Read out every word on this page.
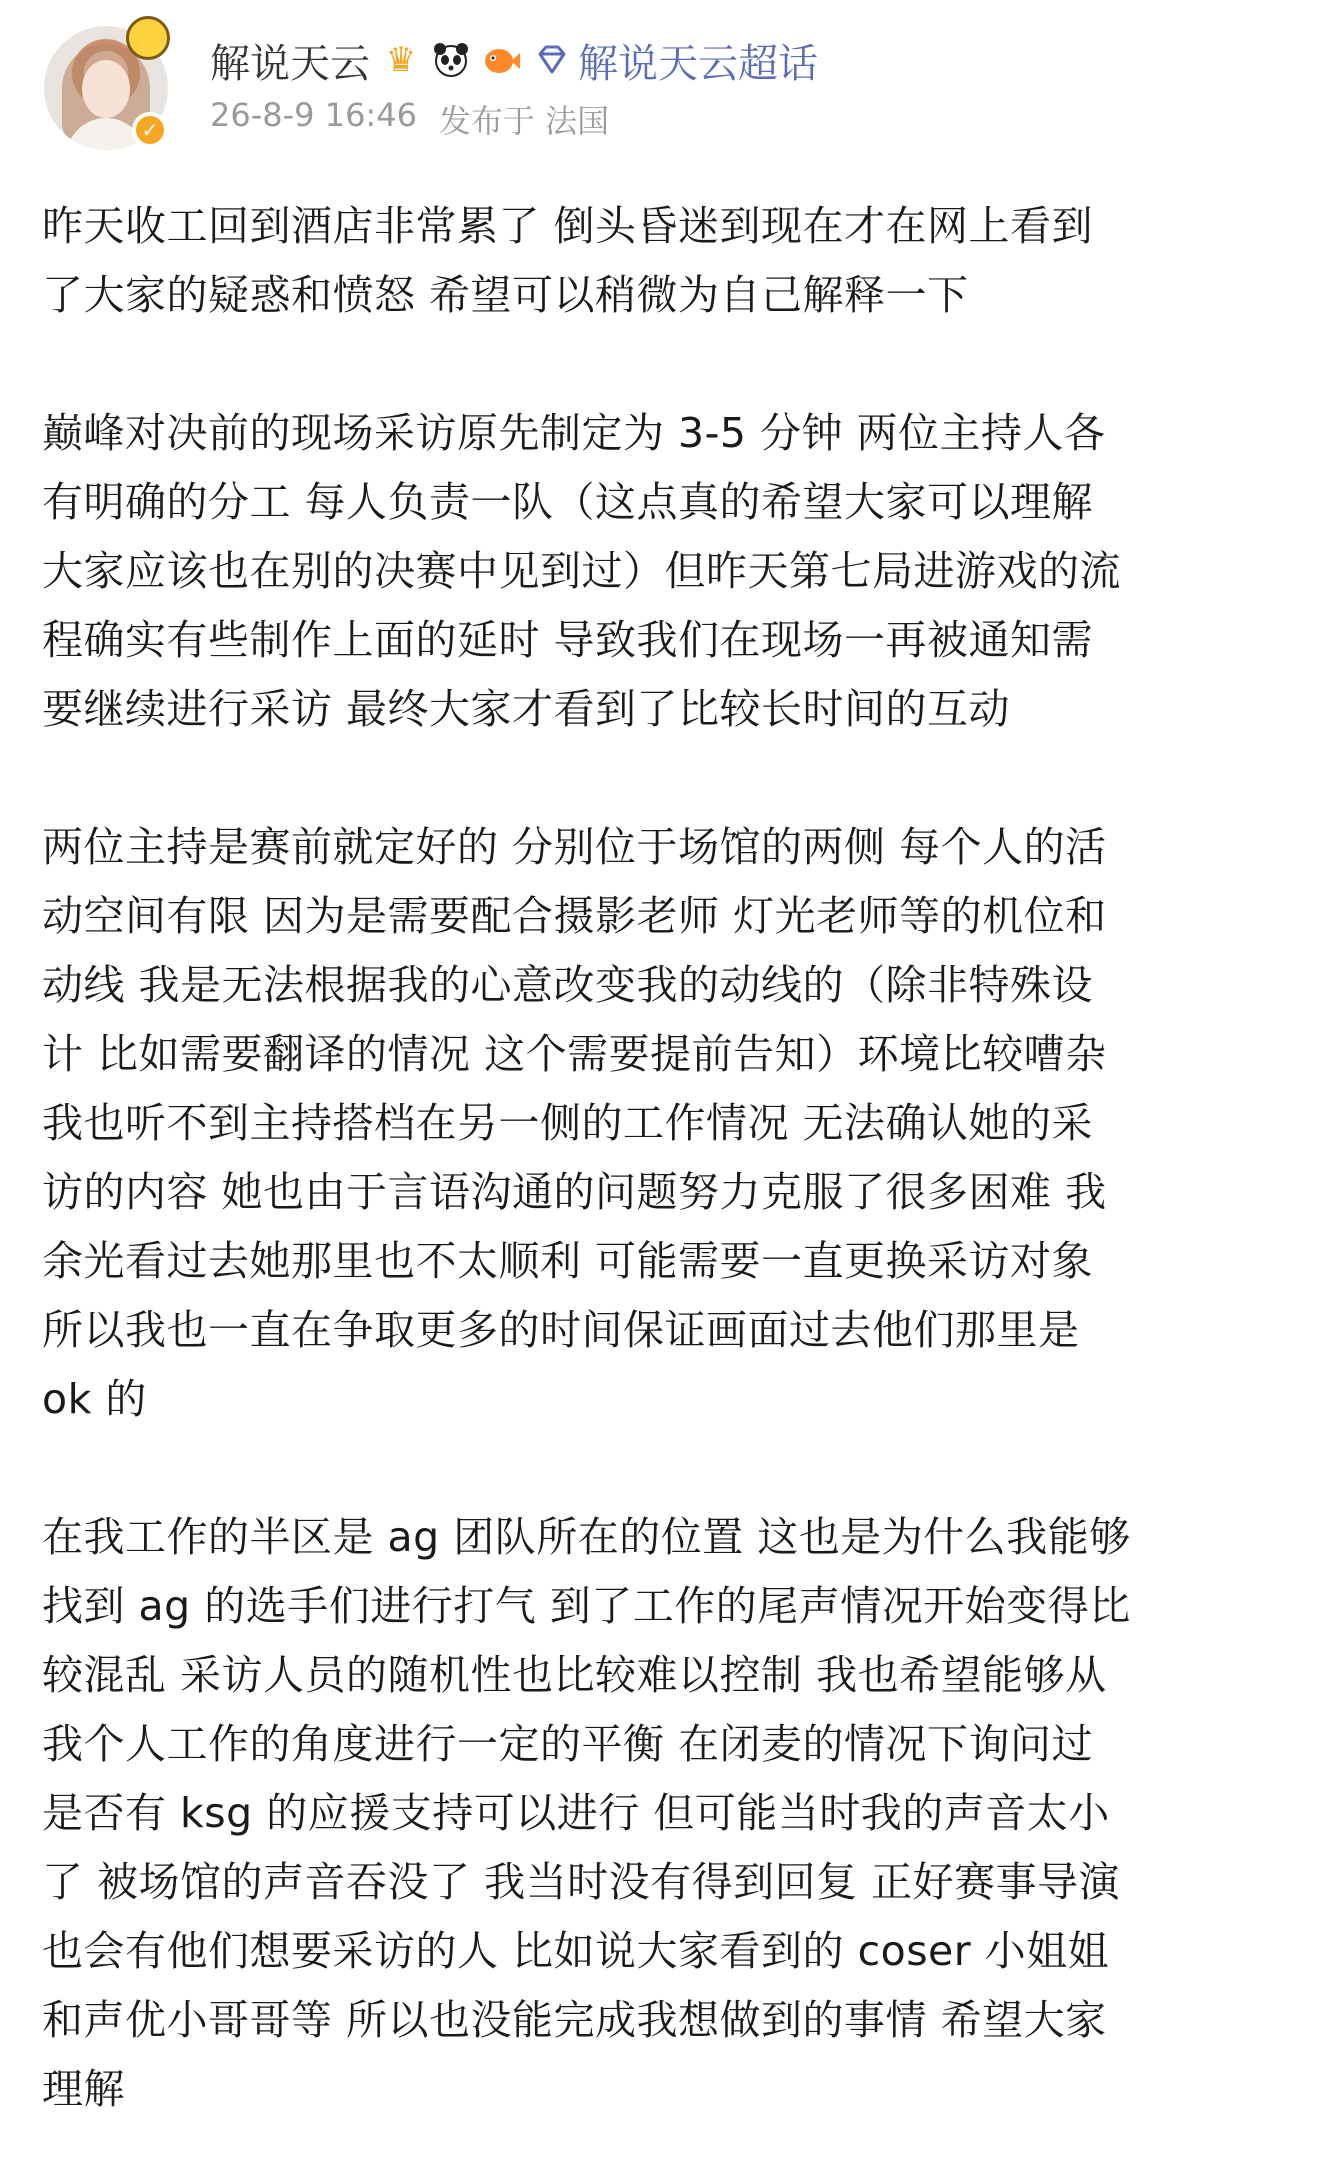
✓
解说天云 ♛	解说天云超话
26-8-9 16:46 发布于 法国

昨天收工回到酒店非常累了 倒头昏迷到现在才在网上看到
了大家的疑惑和愤怒 希望可以稍微为自己解释一下

巅峰对决前的现场采访原先制定为 3-5 分钟 两位主持人各
有明确的分工 每人负责一队（这点真的希望大家可以理解
大家应该也在别的决赛中见到过）但昨天第七局进游戏的流
程确实有些制作上面的延时 导致我们在现场一再被通知需
要继续进行采访 最终大家才看到了比较长时间的互动

两位主持是赛前就定好的 分别位于场馆的两侧 每个人的活
动空间有限 因为是需要配合摄影老师 灯光老师等的机位和
动线 我是无法根据我的心意改变我的动线的（除非特殊设
计 比如需要翻译的情况 这个需要提前告知）环境比较嘈杂
我也听不到主持搭档在另一侧的工作情况 无法确认她的采
访的内容 她也由于言语沟通的问题努力克服了很多困难 我
余光看过去她那里也不太顺利 可能需要一直更换采访对象
所以我也一直在争取更多的时间保证画面过去他们那里是
ok 的

在我工作的半区是 ag 团队所在的位置 这也是为什么我能够
找到 ag 的选手们进行打气 到了工作的尾声情况开始变得比
较混乱 采访人员的随机性也比较难以控制 我也希望能够从
我个人工作的角度进行一定的平衡 在闭麦的情况下询问过
是否有 ksg 的应援支持可以进行 但可能当时我的声音太小
了 被场馆的声音吞没了 我当时没有得到回复 正好赛事导演
也会有他们想要采访的人 比如说大家看到的 coser 小姐姐
和声优小哥哥等 所以也没能完成我想做到的事情 希望大家
理解
